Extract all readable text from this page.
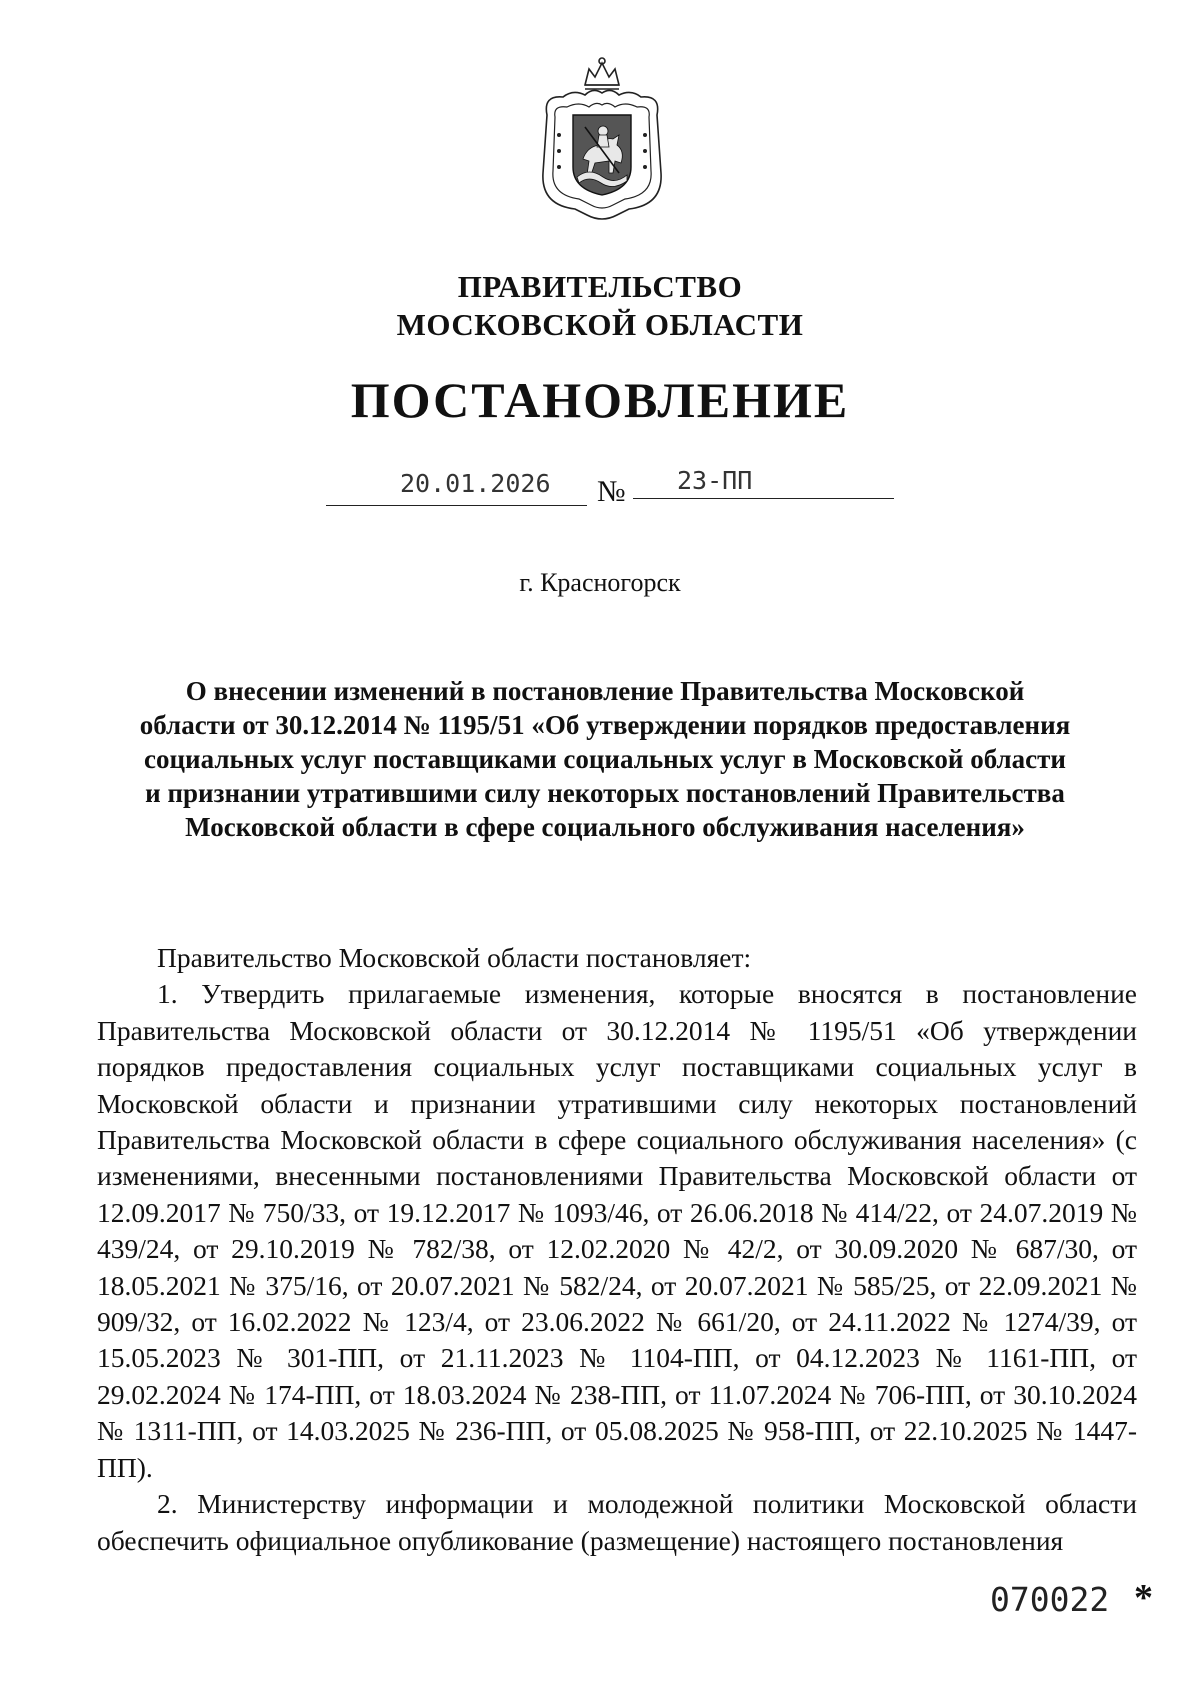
ПРАВИТЕЛЬСТВО
МОСКОВСКОЙ ОБЛАСТИ
ПОСТАНОВЛЕНИЕ
20.01.2026 № 23-ПП
г. Красногорск
О внесении изменений в постановление Правительства Московской
области от 30.12.2014 № 1195/51 «Об утверждении порядков предоставления
социальных услуг поставщиками социальных услуг в Московской области
и признании утратившими силу некоторых постановлений Правительства
Московской области в сфере социального обслуживания населения»
Правительство Московской области постановляет:

1. Утвердить прилагаемые изменения, которые вносятся в постановление Правительства Московской области от 30.12.2014 № 1195/51 «Об утверждении порядков предоставления социальных услуг поставщиками социальных услуг в Московской области и признании утратившими силу некоторых постановлений Правительства Московской области в сфере социального обслуживания населения» (с изменениями, внесенными постановлениями Правительства Московской области от 12.09.2017 № 750/33, от 19.12.2017 № 1093/46, от 26.06.2018 № 414/22, от 24.07.2019 № 439/24, от 29.10.2019 № 782/38, от 12.02.2020 № 42/2, от 30.09.2020 № 687/30, от 18.05.2021 № 375/16, от 20.07.2021 № 582/24, от 20.07.2021 № 585/25, от 22.09.2021 № 909/32, от 16.02.2022 № 123/4, от 23.06.2022 № 661/20, от 24.11.2022 № 1274/39, от 15.05.2023 № 301-ПП, от 21.11.2023 № 1104-ПП, от 04.12.2023 № 1161-ПП, от 29.02.2024 № 174-ПП, от 18.03.2024 № 238-ПП, от 11.07.2024 № 706-ПП, от 30.10.2024 № 1311-ПП, от 14.03.2025 № 236-ПП, от 05.08.2025 № 958-ПП, от 22.10.2025 № 1447-ПП).

2. Министерству информации и молодежной политики Московской области обеспечить официальное опубликование (размещение) настоящего постановления

070022 *
